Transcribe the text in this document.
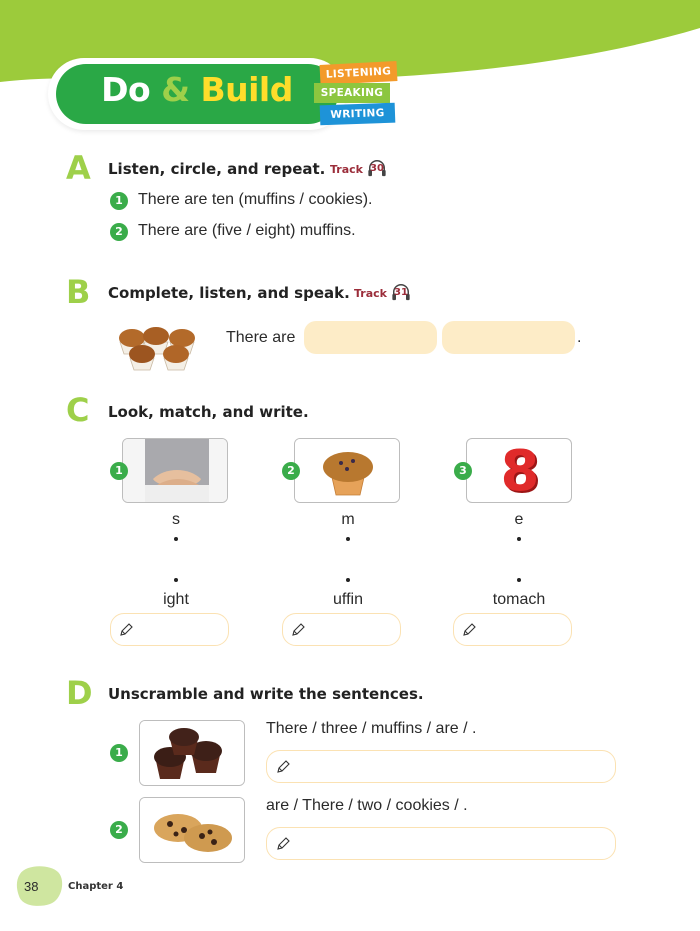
Do & Build	LISTENING
SPEAKING
WRITING
A Listen, circle, and repeat. Track 30
1 There are ten (muffins / cookies).
2 There are (five / eight) muffins.
B Complete, listen, and speak. Track 31
There are	.
C Look, match, and write.
1	2	8
3
s
ight
m
uffin
e
tomach
D Unscramble and write the sentences.
1
There / three / muffins / are / .
2
are / There / two / cookies / .
38	Chapter 4
